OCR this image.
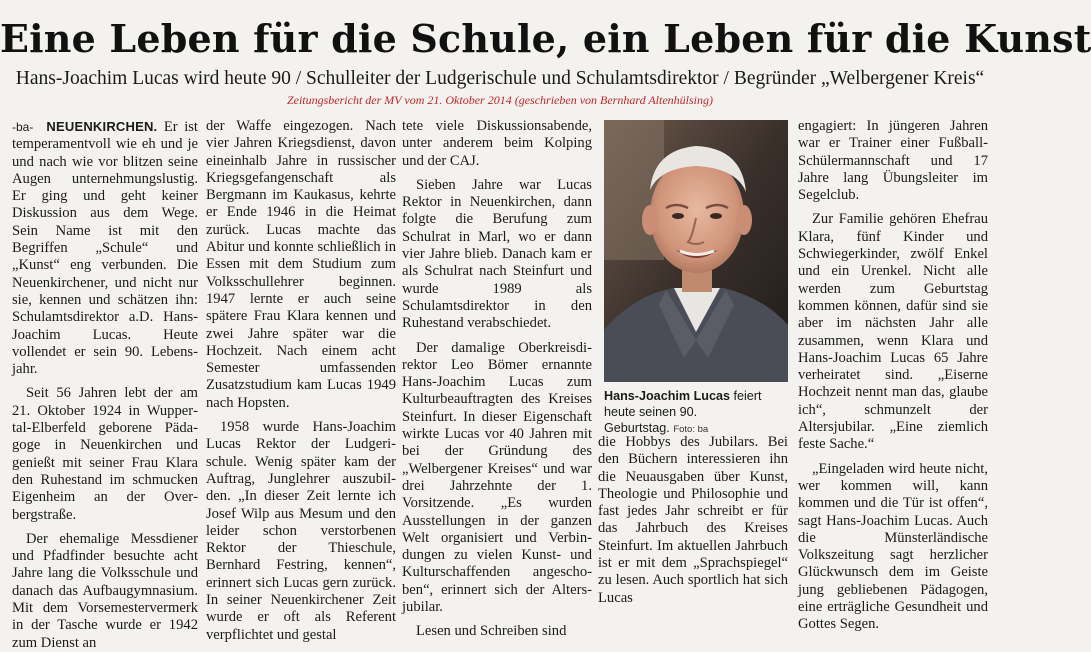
Eine Leben für die Schule, ein Leben für die Kunst
Hans-Joachim Lucas wird heute 90 / Schulleiter der Ludgerischule und Schulamtsdirektor / Begründer „Welbergener Kreis“
Zeitungsbericht der MV vom 21. Oktober 2014 (geschrieben von Bernhard Altenhülsing)

-ba- NEUENKIRCHEN. Er ist temperamentvoll wie eh und je und nach wie vor blitzen seine Augen unternehmungslustig. Er ging und geht keiner Diskussion aus dem Wege. Sein Name ist mit den Begriffen „Schule“ und „Kunst“ eng verbunden. Die Neuenkirchener, und nicht nur sie, kennen und schätzen ihn: Schulamtsdirektor a.D. Hans-Joachim Lucas. Heute vollendet er sein 90. Lebensjahr.

Seit 56 Jahren lebt der am 21. Oktober 1924 in Wuppertal-Elberfeld geborene Pädagoge in Neuenkirchen und genießt mit seiner Frau Klara den Ruhestand im schmucken Eigenheim an der Overbergstraße.

Der ehemalige Messdiener und Pfadfinder besuchte acht Jahre lang die Volksschule und danach das Aufbaugymnasium. Mit dem Vorsemestervermerk in der Tasche wurde er 1942 zum Dienst an

der Waffe eingezogen. Nach vier Jahren Kriegsdienst, davon eineinhalb Jahre in russischer Kriegsgefangenschaft als Bergmann im Kaukasus, kehrte er Ende 1946 in die Heimat zurück. Lucas machte das Abitur und konnte schließlich in Essen mit dem Studium zum Volksschullehrer beginnen. 1947 lernte er auch seine spätere Frau Klara kennen und zwei Jahre später war die Hochzeit. Nach einem acht Semester umfassenden Zusatzstudium kam Lucas 1949 nach Hopsten.

1958 wurde Hans-Joachim Lucas Rektor der Ludgerischule. Wenig später kam der Auftrag, Junglehrer auszubilden. „In dieser Zeit lernte ich Josef Wilp aus Mesum und den leider schon verstorbenen Rektor der Thieschule, Bernhard Festring, kennen“, erinnert sich Lucas gern zurück. In seiner Neuenkirchener Zeit wurde er oft als Referent verpflichtet und gestal

tete viele Diskussionsabende, unter anderem beim Kolping und der CAJ.

Sieben Jahre war Lucas Rektor in Neuenkirchen, dann folgte die Berufung zum Schulrat in Marl, wo er dann vier Jahre blieb. Danach kam er als Schulrat nach Steinfurt und wurde 1989 als Schulamtsdirektor in den Ruhestand verabschiedet.

Der damalige Oberkreisdirektor Leo Bömer ernannte Hans-Joachim Lucas zum Kulturbeauftragten des Kreises Steinfurt. In dieser Eigenschaft wirkte Lucas vor 40 Jahren mit bei der Gründung des „Welbergener Kreises“ und war drei Jahrzehnte der 1. Vorsitzende. „Es wurden Ausstellungen in der ganzen Welt organisiert und Verbindungen zu vielen Kunst- und Kulturschaffenden angeschoben“, erinnert sich der Altersjubilar.

Lesen und Schreiben sind

Hans-Joachim Lucas feiert heute seinen 90. Geburtstag. Foto: ba

die Hobbys des Jubilars. Bei den Büchern interessieren ihn die Neuausgaben über Kunst, Theologie und Philosophie und fast jedes Jahr schreibt er für das Jahrbuch des Kreises Steinfurt. Im aktuellen Jahrbuch ist er mit dem „Sprachspiegel“ zu lesen. Auch sportlich hat sich Lucas

engagiert: In jüngeren Jahren war er Trainer einer Fußball-Schülermannschaft und 17 Jahre lang Übungsleiter im Segelclub.

Zur Familie gehören Ehefrau Klara, fünf Kinder und Schwiegerkinder, zwölf Enkel und ein Urenkel. Nicht alle werden zum Geburtstag kommen können, dafür sind sie aber im nächsten Jahr alle zusammen, wenn Klara und Hans-Joachim Lucas 65 Jahre verheiratet sind. „Eiserne Hochzeit nennt man das, glaube ich“, schmunzelt der Altersjubilar. „Eine ziemlich feste Sache.“

„Eingeladen wird heute nicht, wer kommen will, kann kommen und die Tür ist offen“, sagt Hans-Joachim Lucas. Auch die Münsterländische Volkszeitung sagt herzlicher Glückwunsch dem im Geiste jung gebliebenen Pädagogen, eine erträgliche Gesundheit und Gottes Segen.
